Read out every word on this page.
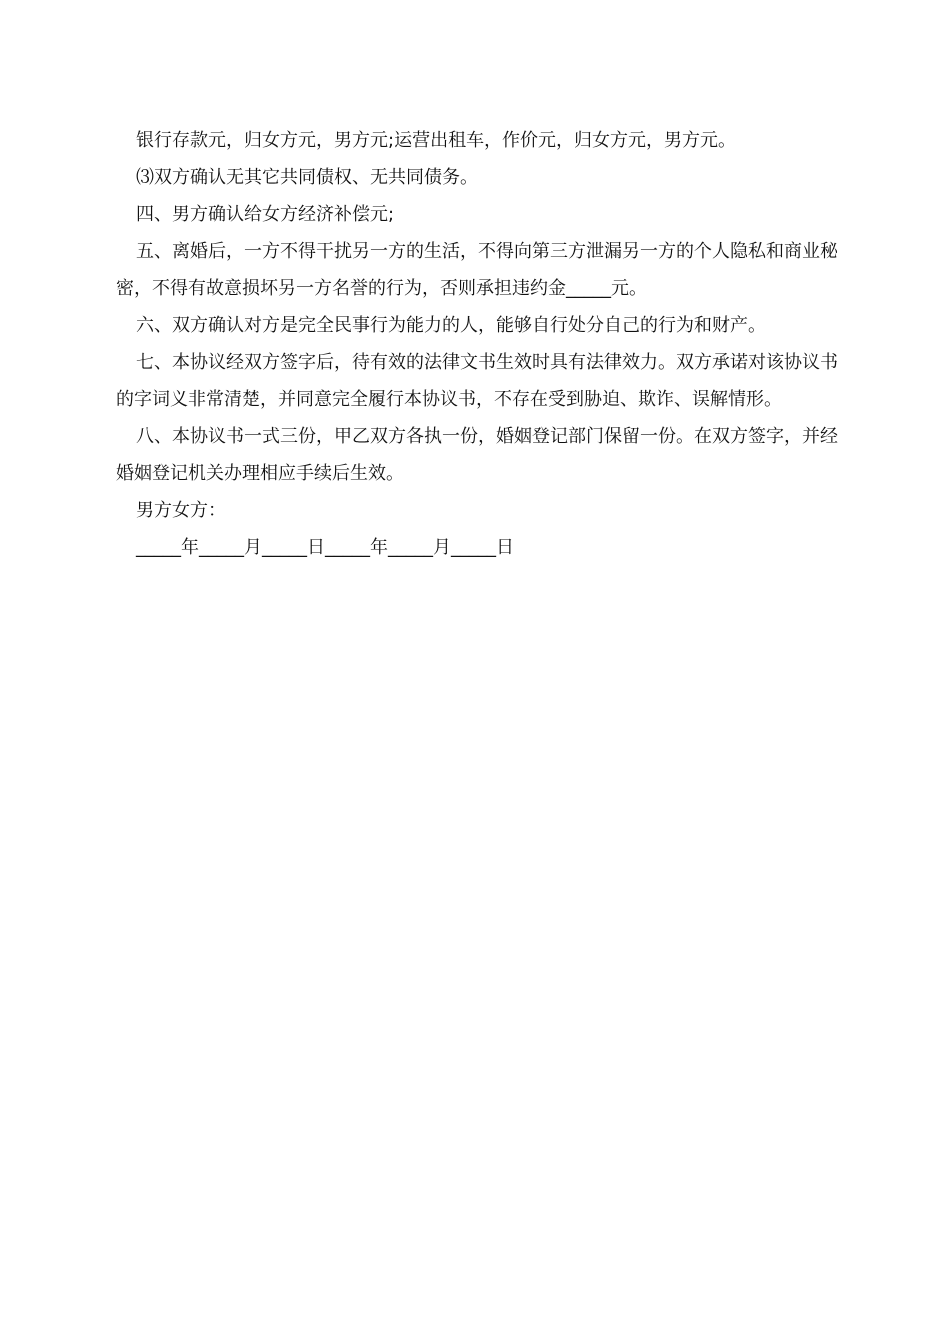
银行存款元，归女方元，男方元;运营出租车，作价元，归女方元，男方元。

⑶双方确认无其它共同债权、无共同债务。

四、男方确认给女方经济补偿元;

五、离婚后，一方不得干扰另一方的生活，不得向第三方泄漏另一方的个人隐私和商业秘密，不得有故意损坏另一方名誉的行为，否则承担违约金_____元。

六、双方确认对方是完全民事行为能力的人，能够自行处分自己的行为和财产。

七、本协议经双方签字后，待有效的法律文书生效时具有法律效力。双方承诺对该协议书的字词义非常清楚，并同意完全履行本协议书，不存在受到胁迫、欺诈、误解情形。

八、本协议书一式三份，甲乙双方各执一份，婚姻登记部门保留一份。在双方签字，并经婚姻登记机关办理相应手续后生效。

男方女方：

_____年_____月_____日_____年_____月_____日
